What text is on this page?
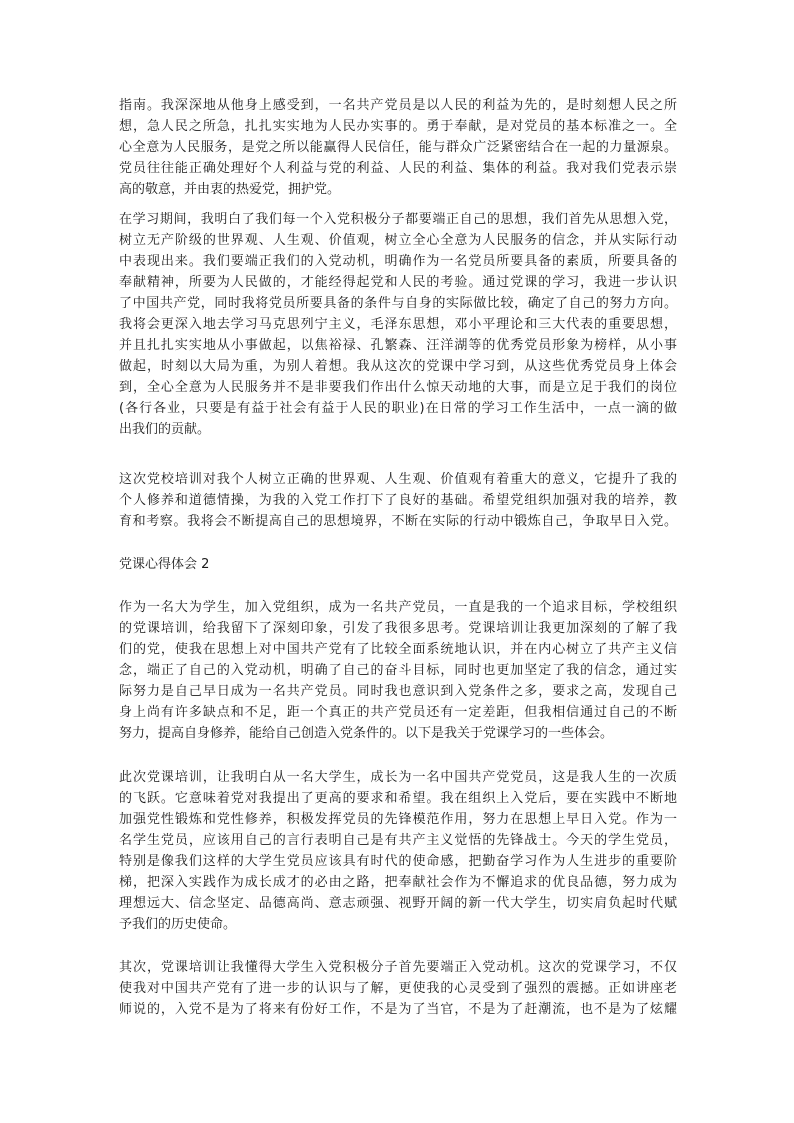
指南。我深深地从他身上感受到，一名共产党员是以人民的利益为先的，是时刻想人民之所
想，急人民之所急，扎扎实实地为人民办实事的。勇于奉献，是对党员的基本标准之一。全
心全意为人民服务，是党之所以能赢得人民信任，能与群众广泛紧密结合在一起的力量源泉。
党员往往能正确处理好个人利益与党的利益、人民的利益、集体的利益。我对我们党表示崇
高的敬意，并由衷的热爱党，拥护党。
在学习期间，我明白了我们每一个入党积极分子都要端正自己的思想，我们首先从思想入党，
树立无产阶级的世界观、人生观、价值观，树立全心全意为人民服务的信念，并从实际行动
中表现出来。我们要端正我们的入党动机，明确作为一名党员所要具备的素质，所要具备的
奉献精神，所要为人民做的，才能经得起党和人民的考验。通过党课的学习，我进一步认识
了中国共产党，同时我将党员所要具备的条件与自身的实际做比较，确定了自己的努力方向。
我将会更深入地去学习马克思列宁主义，毛泽东思想，邓小平理论和三大代表的重要思想，
并且扎扎实实地从小事做起，以焦裕禄、孔繁森、汪洋湖等的优秀党员形象为榜样，从小事
做起，时刻以大局为重，为别人着想。我从这次的党课中学习到，从这些优秀党员身上体会
到，全心全意为人民服务并不是非要我们作出什么惊天动地的大事，而是立足于我们的岗位
(各行各业，只要是有益于社会有益于人民的职业)在日常的学习工作生活中，一点一滴的做
出我们的贡献。
这次党校培训对我个人树立正确的世界观、人生观、价值观有着重大的意义，它提升了我的
个人修养和道德情操，为我的入党工作打下了良好的基础。希望党组织加强对我的培养，教
育和考察。我将会不断提高自己的思想境界，不断在实际的行动中锻炼自己，争取早日入党。
党课心得体会 2
作为一名大为学生，加入党组织，成为一名共产党员，一直是我的一个追求目标，学校组织
的党课培训，给我留下了深刻印象，引发了我很多思考。党课培训让我更加深刻的了解了我
们的党，使我在思想上对中国共产党有了比较全面系统地认识，并在内心树立了共产主义信
念，端正了自己的入党动机，明确了自己的奋斗目标，同时也更加坚定了我的信念，通过实
际努力是自己早日成为一名共产党员。同时我也意识到入党条件之多，要求之高，发现自己
身上尚有许多缺点和不足，距一个真正的共产党员还有一定差距，但我相信通过自己的不断
努力，提高自身修养，能给自己创造入党条件的。以下是我关于党课学习的一些体会。
此次党课培训，让我明白从一名大学生，成长为一名中国共产党党员，这是我人生的一次质
的飞跃。它意味着党对我提出了更高的要求和希望。我在组织上入党后，要在实践中不断地
加强党性锻炼和党性修养，积极发挥党员的先锋模范作用，努力在思想上早日入党。作为一
名学生党员，应该用自己的言行表明自己是有共产主义觉悟的先锋战士。今天的学生党员，
特别是像我们这样的大学生党员应该具有时代的使命感，把勤奋学习作为人生进步的重要阶
梯，把深入实践作为成长成才的必由之路，把奉献社会作为不懈追求的优良品德，努力成为
理想远大、信念坚定、品德高尚、意志顽强、视野开阔的新一代大学生，切实肩负起时代赋
予我们的历史使命。
其次，党课培训让我懂得大学生入党积极分子首先要端正入党动机。这次的党课学习，不仅
使我对中国共产党有了进一步的认识与了解，更使我的心灵受到了强烈的震撼。正如讲座老
师说的，入党不是为了将来有份好工作，不是为了当官，不是为了赶潮流，也不是为了炫耀
